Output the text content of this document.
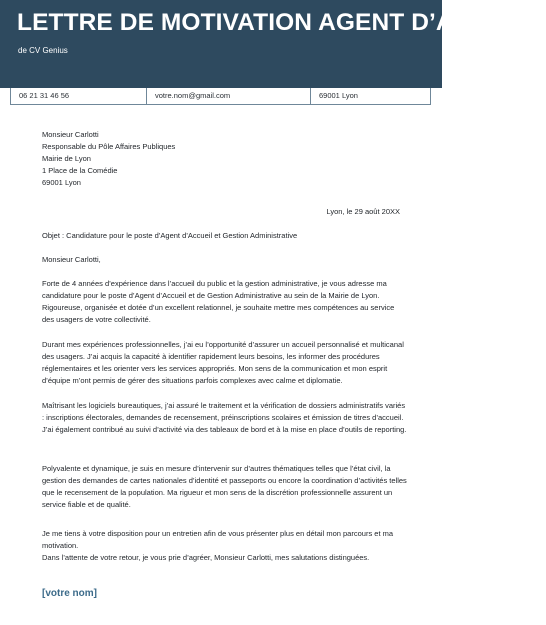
LETTRE DE MOTIVATION AGENT D’ACCUEIL
de CV Genius
06 21 31 46 56	votre.nom@gmail.com	69001 Lyon
Monsieur Carlotti
Responsable du Pôle Affaires Publiques
Mairie de Lyon
1 Place de la Comédie
69001 Lyon
Lyon, le 29 août 20XX
Objet : Candidature pour le poste d’Agent d’Accueil et Gestion Administrative
Monsieur Carlotti,
Forte de 4 années d’expérience dans l’accueil du public et la gestion administrative, je vous adresse ma candidature pour le poste d’Agent d’Accueil et de Gestion Administrative au sein de la Mairie de Lyon. Rigoureuse, organisée et dotée d’un excellent relationnel, je souhaite mettre mes compétences au service des usagers de votre collectivité.
Durant mes expériences professionnelles, j’ai eu l’opportunité d’assurer un accueil personnalisé et multicanal des usagers. J’ai acquis la capacité à identifier rapidement leurs besoins, les informer des procédures réglementaires et les orienter vers les services appropriés. Mon sens de la communication et mon esprit d’équipe m’ont permis de gérer des situations parfois complexes avec calme et diplomatie.
Maîtrisant les logiciels bureautiques, j’ai assuré le traitement et la vérification de dossiers administratifs variés : inscriptions électorales, demandes de recensement, préinscriptions scolaires et émission de titres d’accueil. J’ai également contribué au suivi d’activité via des tableaux de bord et à la mise en place d’outils de reporting.
Polyvalente et dynamique, je suis en mesure d’intervenir sur d’autres thématiques telles que l’état civil, la gestion des demandes de cartes nationales d’identité et passeports ou encore la coordination d’activités telles que le recensement de la population. Ma rigueur et mon sens de la discrétion professionnelle assurent un service fiable et de qualité.
Je me tiens à votre disposition pour un entretien afin de vous présenter plus en détail mon parcours et ma motivation.
Dans l’attente de votre retour, je vous prie d’agréer, Monsieur Carlotti, mes salutations distinguées.
[votre nom]
